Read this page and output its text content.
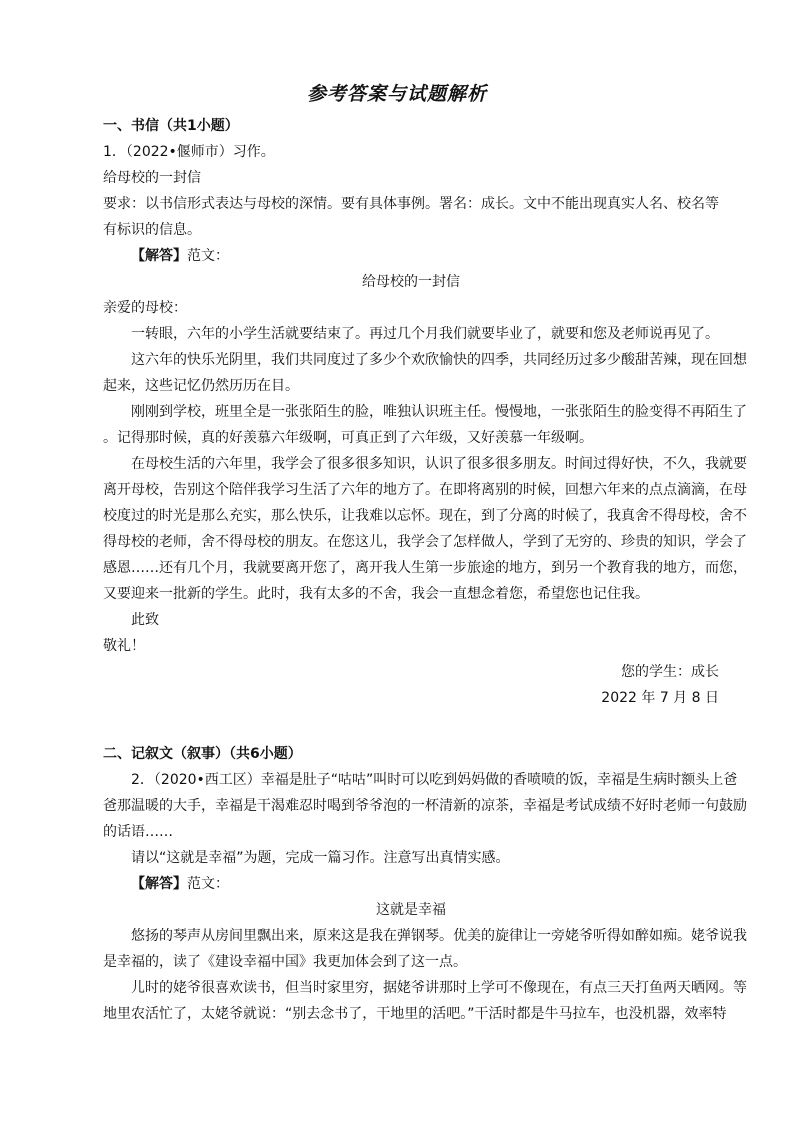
参考答案与试题解析
一、书信（共1小题）
1．（2022•偃师市）习作。
给母校的一封信
要求：以书信形式表达与母校的深情。要有具体事例。署名：成长。文中不能出现真实人名、校名等
有标识的信息。
【解答】范文：
给母校的一封信
亲爱的母校：
一转眼，六年的小学生活就要结束了。再过几个月我们就要毕业了，就要和您及老师说再见了。
这六年的快乐光阴里，我们共同度过了多少个欢欣愉快的四季，共同经历过多少酸甜苦辣，现在回想
起来，这些记忆仍然历历在目。
刚刚到学校，班里全是一张张陌生的脸，唯独认识班主任。慢慢地，一张张陌生的脸变得不再陌生了
。记得那时候，真的好羡慕六年级啊，可真正到了六年级，又好羡慕一年级啊。
在母校生活的六年里，我学会了很多很多知识，认识了很多很多朋友。时间过得好快，不久，我就要
离开母校，告别这个陪伴我学习生活了六年的地方了。在即将离别的时候，回想六年来的点点滴滴，在母
校度过的时光是那么充实，那么快乐，让我难以忘怀。现在，到了分离的时候了，我真舍不得母校，舍不
得母校的老师，舍不得母校的朋友。在您这儿，我学会了怎样做人，学到了无穷的、珍贵的知识，学会了
感恩……还有几个月，我就要离开您了，离开我人生第一步旅途的地方，到另一个教育我的地方，而您，
又要迎来一批新的学生。此时，我有太多的不舍，我会一直想念着您，希望您也记住我。
此致
敬礼！
您的学生：成长
2022 年 7 月 8 日
二、记叙文（叙事）（共6小题）
2．（2020•西工区）幸福是肚子“咕咕”叫时可以吃到妈妈做的香喷喷的饭，幸福是生病时额头上爸
爸那温暖的大手，幸福是干渴难忍时喝到爷爷泡的一杯清新的凉茶，幸福是考试成绩不好时老师一句鼓励
的话语……
请以“这就是幸福”为题，完成一篇习作。注意写出真情实感。
【解答】范文：
这就是幸福
悠扬的琴声从房间里飘出来，原来这是我在弹钢琴。优美的旋律让一旁姥爷听得如醉如痴。姥爷说我
是幸福的，读了《建设幸福中国》我更加体会到了这一点。
儿时的姥爷很喜欢读书，但当时家里穷，据姥爷讲那时上学可不像现在，有点三天打鱼两天晒网。等
地里农活忙了，太姥爷就说：“别去念书了，干地里的活吧。”干活时都是牛马拉车，也没机器，效率特
